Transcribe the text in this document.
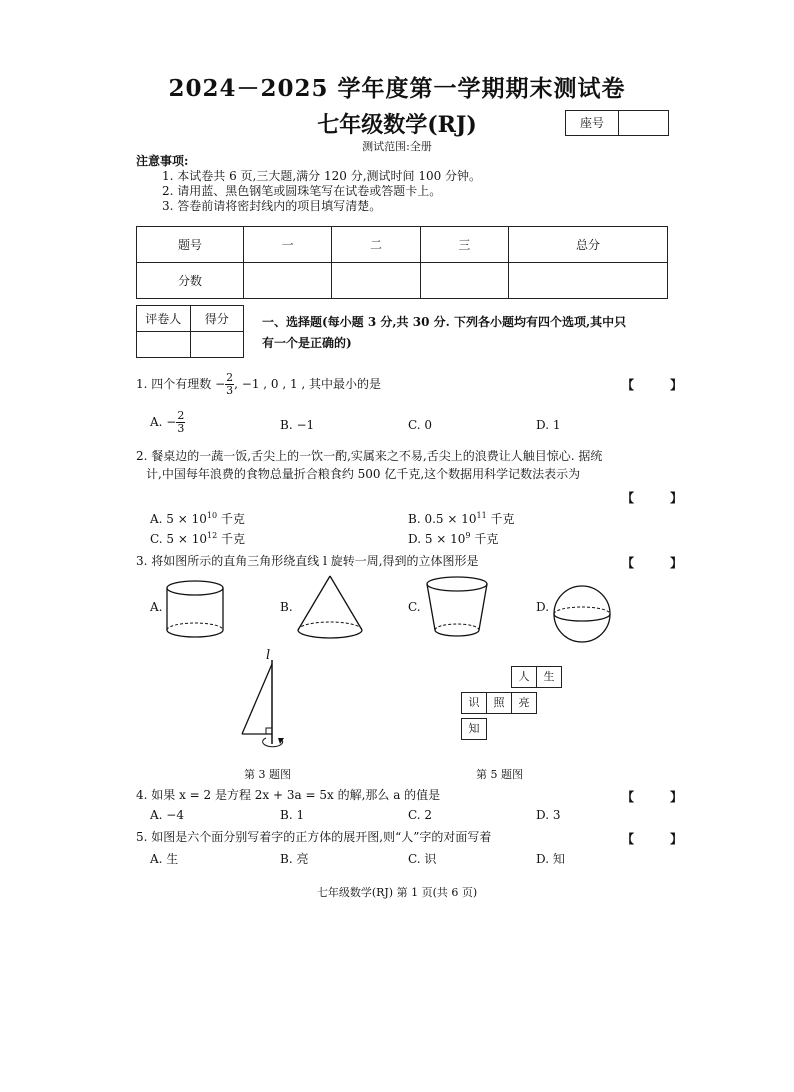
2024－2025 学年度第一学期期末测试卷
七年级数学(RJ)
测试范围:全册
座号
注意事项:
1. 本试卷共 6 页,三大题,满分 120 分,测试时间 100 分钟。
2. 请用蓝、黑色钢笔或圆珠笔写在试卷或答题卡上。
3. 答卷前请将密封线内的项目填写清楚。
题号	一	二	三	总分
分数				
评卷人	得分
		一、选择题(每小题 3 分,共 30 分. 下列各小题均有四个选项,其中只
有一个是正确的)
1. 四个有理数 − $\frac{2}{3}$ , −1 , 0 , 1 , 其中最小的是	【 】
A. − $\frac{2}{3}$	B. −1	C. 0	D. 1
2. 餐桌边的一蔬一饭,舌尖上的一饮一酌,实属来之不易,舌尖上的浪费让人触目惊心. 据统
计,中国每年浪费的食物总量折合粮食约 500 亿千克,这个数据用科学记数法表示为
【 】
A. $5 \times 10^{10}$ 千克	B. $0.5 \times 10^{11}$ 千克
C. $5 \times 10^{12}$ 千克	D. $5 \times 10^9$ 千克
3. 将如图所示的直角三角形绕直线 l 旋转一周,得到的立体图形是	【 】
A.	B.	C.	D.
l
第 3 题图
人	生
识	照	亮
知
第 5 题图
4. 如果 x = 2 是方程 2x + 3a = 5x 的解,那么 a 的值是	【 】
A. −4	B. 1	C. 2	D. 3
5. 如图是六个面分别写着字的正方体的展开图,则“人”字的对面写着	【 】
A. 生	B. 亮	C. 识	D. 知
七年级数学(RJ) 第 1 页(共 6 页)
